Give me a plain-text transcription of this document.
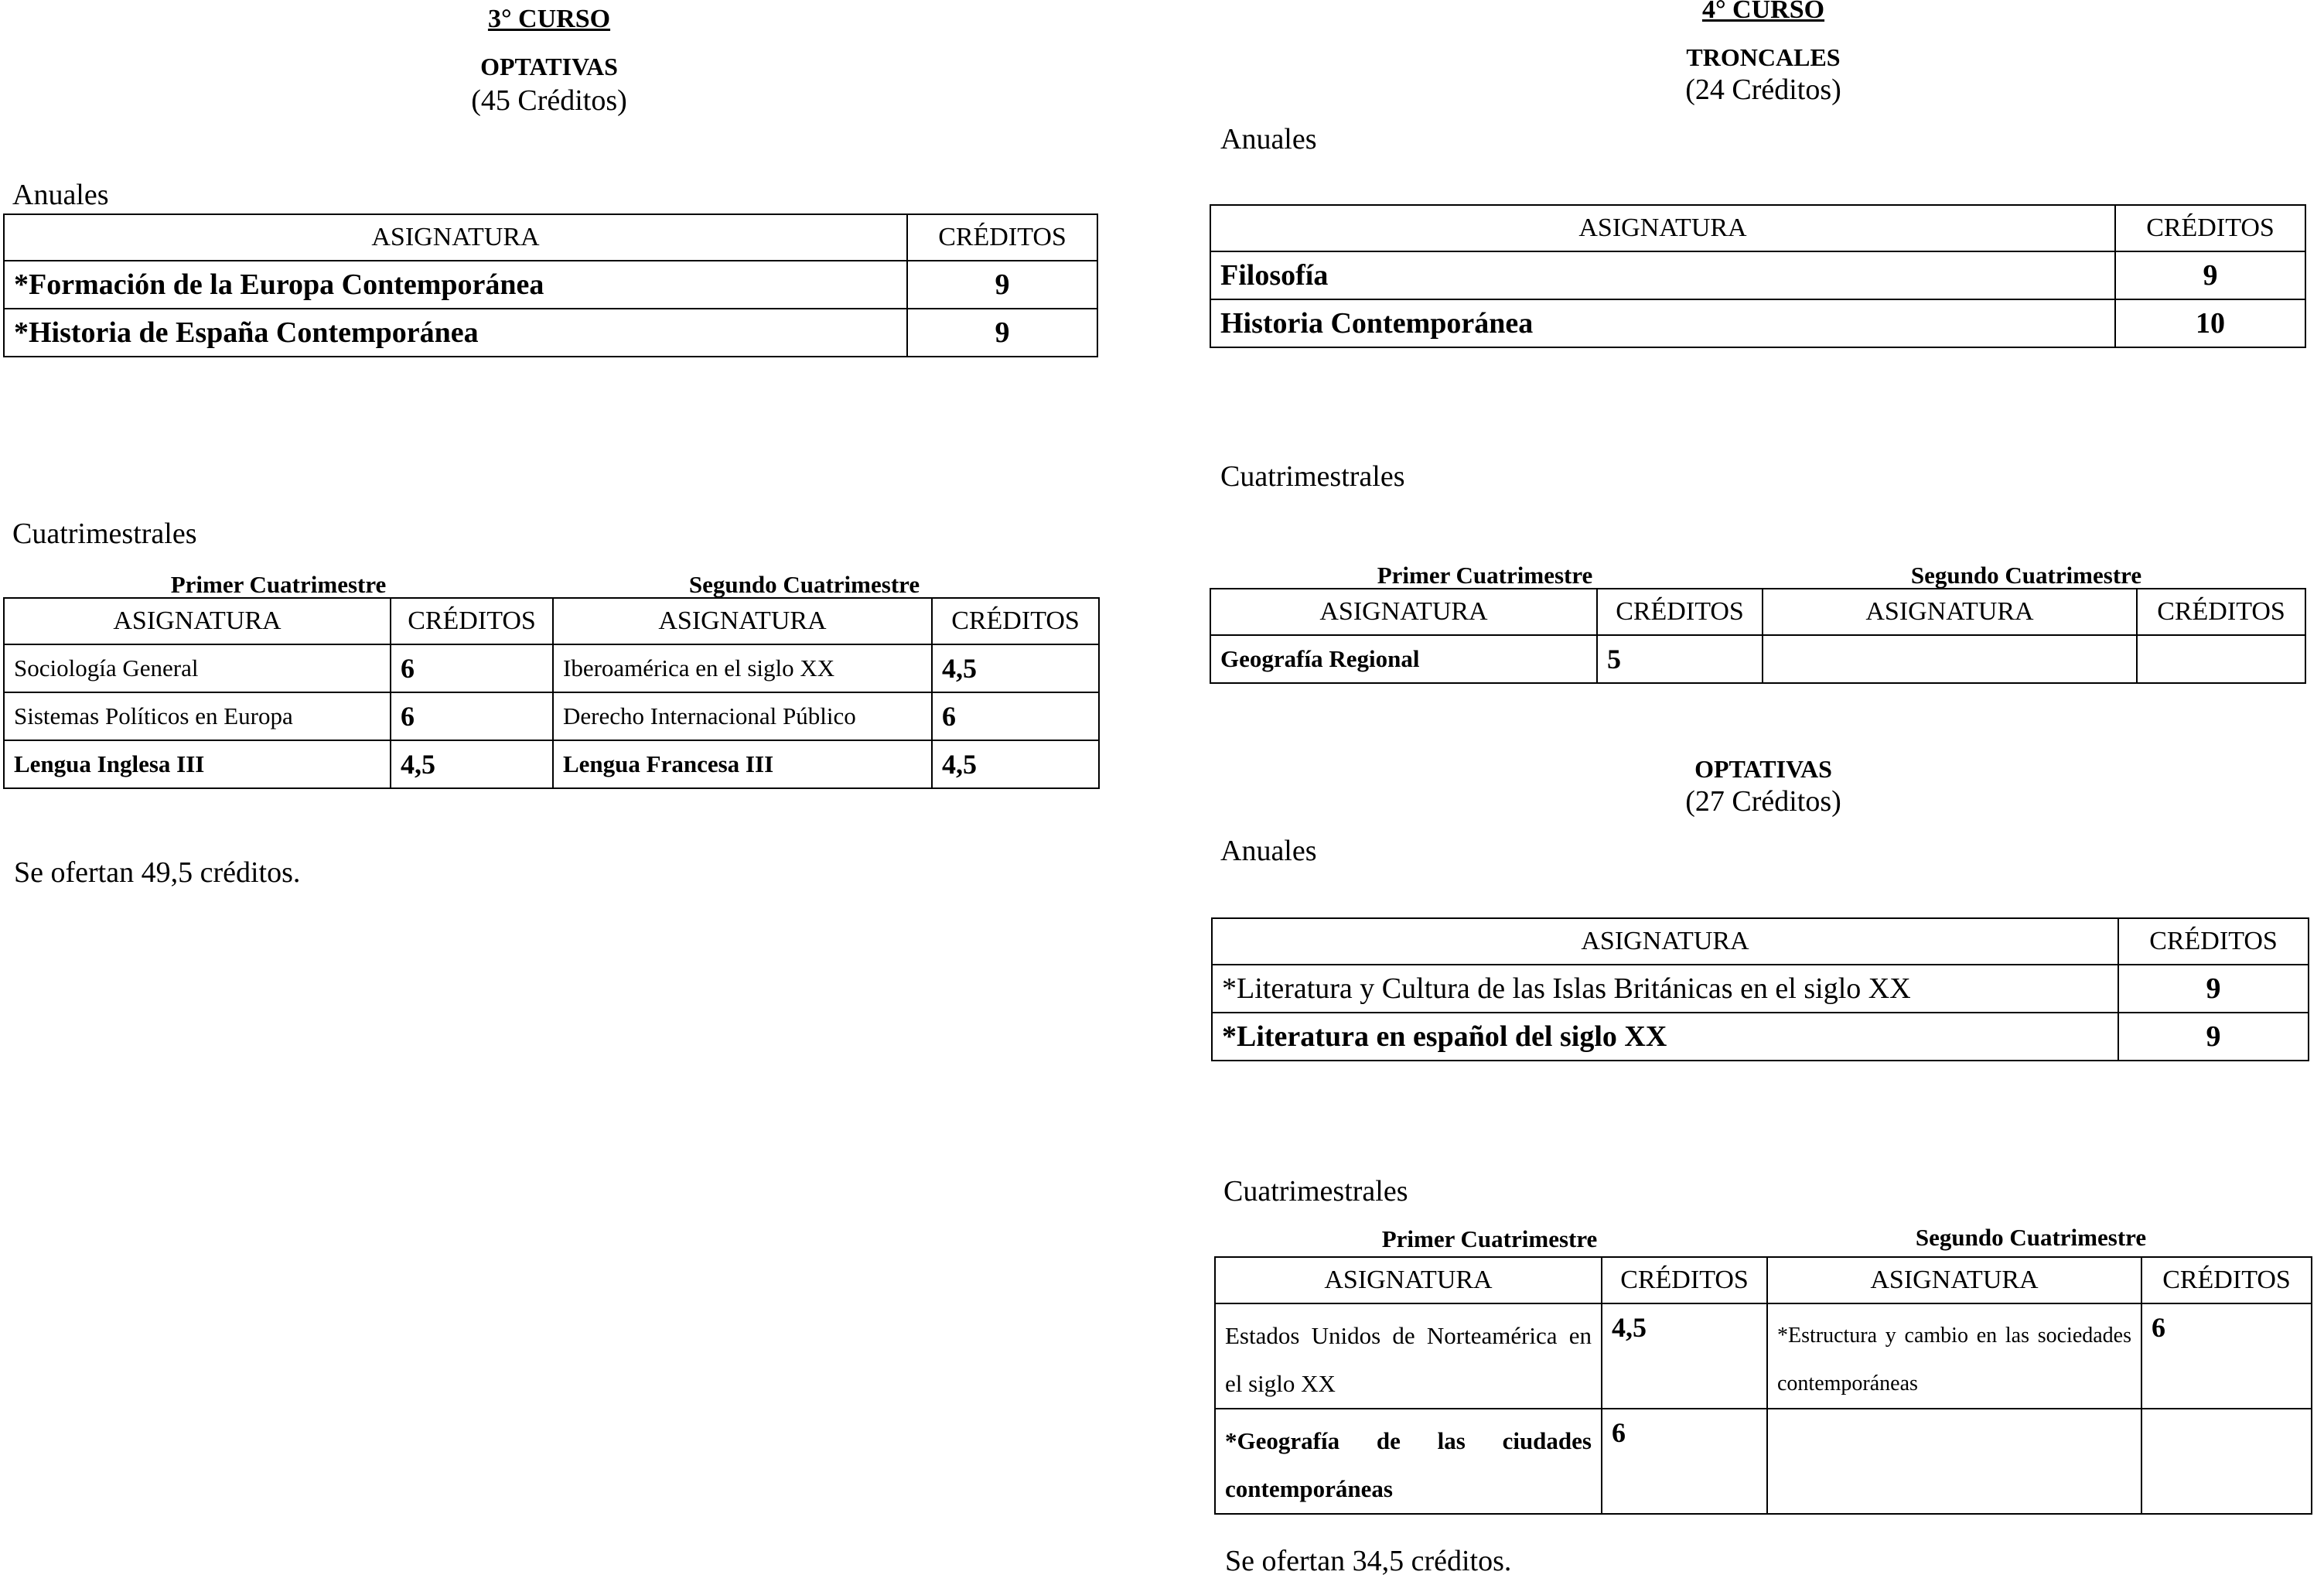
3° CURSO
OPTATIVAS
(45 Créditos)
Anuales
ASIGNATURA	CRÉDITOS
*Formación de la Europa Contemporánea	9
*Historia de España Contemporánea	9
Cuatrimestrales
Primer Cuatrimestre	Segundo Cuatrimestre
ASIGNATURA	CRÉDITOS	ASIGNATURA	CRÉDITOS
Sociología General	6	Iberoamérica en el siglo XX	4,5
Sistemas Políticos en Europa	6	Derecho Internacional Público	6
Lengua Inglesa III	4,5	Lengua Francesa III	4,5
Se ofertan 49,5 créditos.
4° CURSO
TRONCALES
(24 Créditos)
Anuales
ASIGNATURA	CRÉDITOS
Filosofía	9
Historia Contemporánea	10
Cuatrimestrales
Primer Cuatrimestre	Segundo Cuatrimestre
ASIGNATURA	CRÉDITOS	ASIGNATURA	CRÉDITOS
Geografía Regional	5		
OPTATIVAS
(27 Créditos)
Anuales
ASIGNATURA	CRÉDITOS
*Literatura y Cultura de las Islas Británicas en el siglo XX	9
*Literatura en español del siglo XX	9
Cuatrimestrales
Primer Cuatrimestre	Segundo Cuatrimestre
ASIGNATURA	CRÉDITOS	ASIGNATURA	CRÉDITOS
Estados Unidos de Norteamérica en el siglo XX	4,5	*Estructura y cambio en las sociedades contemporáneas	6
*Geografía de las ciudades contemporáneas	6		
Se ofertan 34,5 créditos.
